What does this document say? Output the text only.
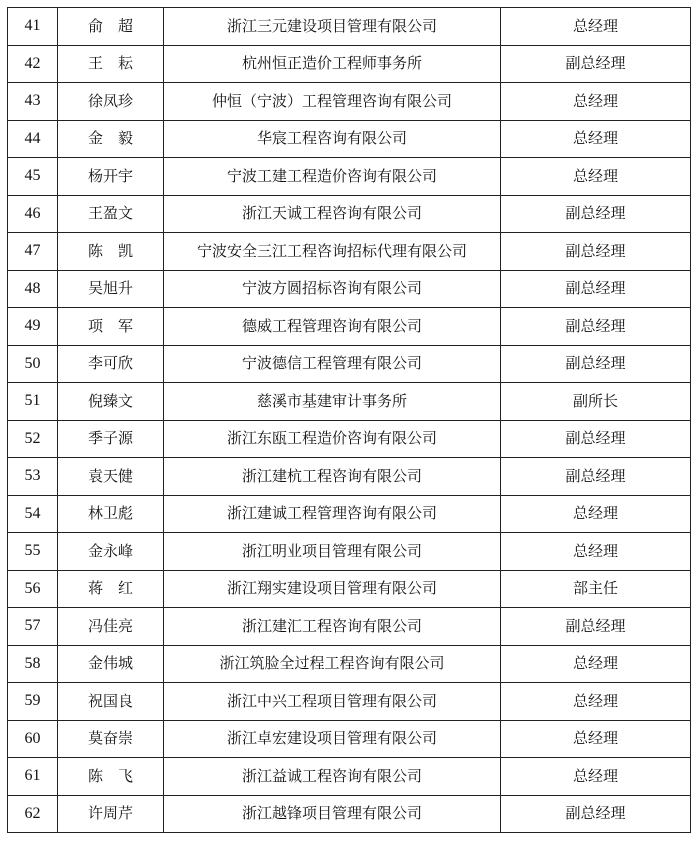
41	俞　超	浙江三元建设项目管理有限公司	总经理
42	王　耘	杭州恒正造价工程师事务所	副总经理
43	徐凤珍	仲恒（宁波）工程管理咨询有限公司	总经理
44	金　毅	华宸工程咨询有限公司	总经理
45	杨开宇	宁波工建工程造价咨询有限公司	总经理
46	王盈文	浙江天诚工程咨询有限公司	副总经理
47	陈　凯	宁波安全三江工程咨询招标代理有限公司	副总经理
48	吴旭升	宁波方圆招标咨询有限公司	副总经理
49	项　军	德威工程管理咨询有限公司	副总经理
50	李可欣	宁波德信工程管理有限公司	副总经理
51	倪臻文	慈溪市基建审计事务所	副所长
52	季子源	浙江东瓯工程造价咨询有限公司	副总经理
53	袁天健	浙江建杭工程咨询有限公司	副总经理
54	林卫彪	浙江建诚工程管理咨询有限公司	总经理
55	金永峰	浙江明业项目管理有限公司	总经理
56	蒋　红	浙江翔实建设项目管理有限公司	部主任
57	冯佳亮	浙江建汇工程咨询有限公司	副总经理
58	金伟城	浙江筑脸全过程工程咨询有限公司	总经理
59	祝国良	浙江中兴工程项目管理有限公司	总经理
60	莫奋崇	浙江卓宏建设项目管理有限公司	总经理
61	陈　飞	浙江益诚工程咨询有限公司	总经理
62	许周芹	浙江越锋项目管理有限公司	副总经理
